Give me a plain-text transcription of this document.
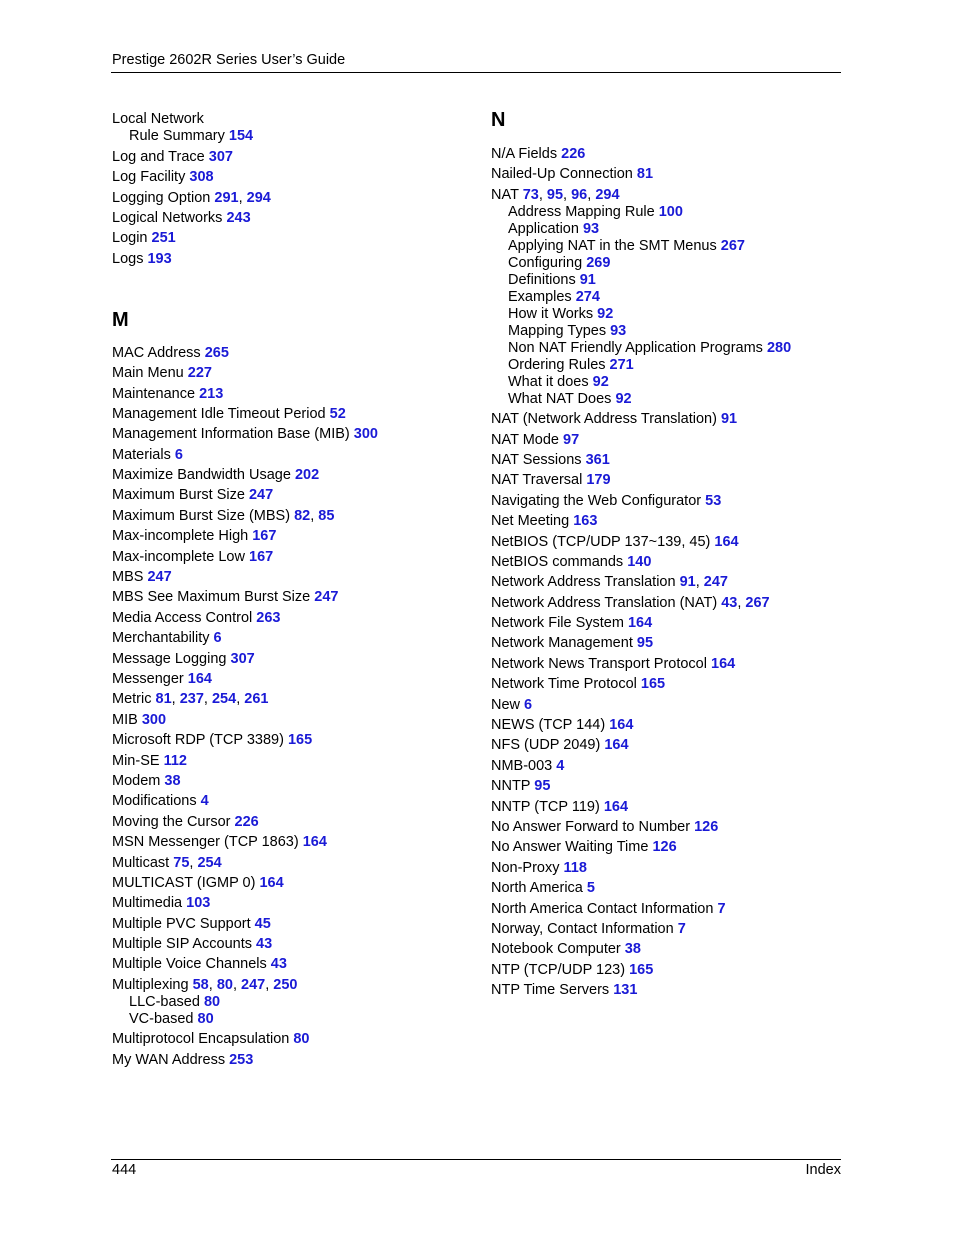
Prestige 2602R Series User’s Guide
Local Network
Rule Summary 154
Log and Trace 307
Log Facility 308
Logging Option 291, 294
Logical Networks 243
Login 251
Logs 193
M
MAC Address 265
Main Menu 227
Maintenance 213
Management Idle Timeout Period 52
Management Information Base (MIB) 300
Materials 6
Maximize Bandwidth Usage 202
Maximum Burst Size 247
Maximum Burst Size (MBS) 82, 85
Max-incomplete High 167
Max-incomplete Low 167
MBS 247
MBS See Maximum Burst Size 247
Media Access Control 263
Merchantability 6
Message Logging 307
Messenger 164
Metric 81, 237, 254, 261
MIB 300
Microsoft RDP (TCP 3389) 165
Min-SE 112
Modem 38
Modifications 4
Moving the Cursor 226
MSN Messenger (TCP 1863) 164
Multicast 75, 254
MULTICAST (IGMP 0) 164
Multimedia 103
Multiple PVC Support 45
Multiple SIP Accounts 43
Multiple Voice Channels 43
Multiplexing 58, 80, 247, 250
LLC-based 80
VC-based 80
Multiprotocol Encapsulation 80
My WAN Address 253
N
N/A Fields 226
Nailed-Up Connection 81
NAT 73, 95, 96, 294
Address Mapping Rule 100
Application 93
Applying NAT in the SMT Menus 267
Configuring 269
Definitions 91
Examples 274
How it Works 92
Mapping Types 93
Non NAT Friendly Application Programs 280
Ordering Rules 271
What it does 92
What NAT Does 92
NAT (Network Address Translation) 91
NAT Mode 97
NAT Sessions 361
NAT Traversal 179
Navigating the Web Configurator 53
Net Meeting 163
NetBIOS (TCP/UDP 137~139, 45) 164
NetBIOS commands 140
Network Address Translation 91, 247
Network Address Translation (NAT) 43, 267
Network File System 164
Network Management 95
Network News Transport Protocol 164
Network Time Protocol 165
New 6
NEWS (TCP 144) 164
NFS (UDP 2049) 164
NMB-003 4
NNTP 95
NNTP (TCP 119) 164
No Answer Forward to Number 126
No Answer Waiting Time 126
Non-Proxy 118
North America 5
North America Contact Information 7
Norway, Contact Information 7
Notebook Computer 38
NTP (TCP/UDP 123) 165
NTP Time Servers 131
444	Index
